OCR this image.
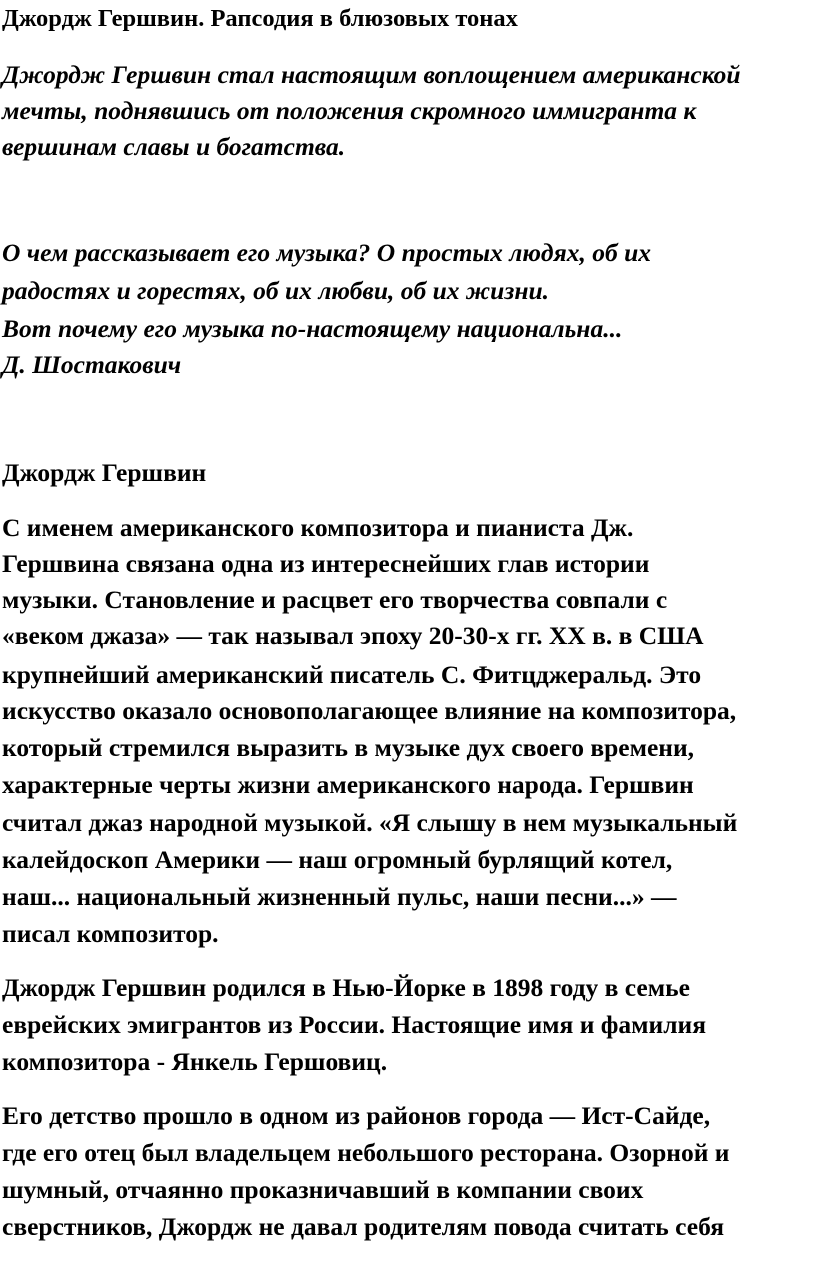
Джордж Гершвин. Рапсодия в блюзовых тонах
Джордж Гершвин стал настоящим воплощением американской
мечты, поднявшись от положения скромного иммигранта к
вершинам славы и богатства.
О чем рассказывает его музыка? О простых людях, об их
радостях и горестях, об их любви, об их жизни.
Вот почему его музыка по-настоящему национальна...
Д. Шостакович
Джордж Гершвин
С именем американского композитора и пианиста Дж.
Гершвина связана одна из интереснейших глав истории
музыки. Становление и расцвет его творчества совпали с
«веком джаза» — так называл эпоху 20-30-х гг. XX в. в США
крупнейший американский писатель С. Фитцджеральд. Это
искусство оказало основополагающее влияние на композитора,
который стремился выразить в музыке дух своего времени,
характерные черты жизни американского народа. Гершвин
считал джаз народной музыкой. «Я слышу в нем музыкальный
калейдоскоп Америки — наш огромный бурлящий котел,
наш... национальный жизненный пульс, наши песни...» —
писал композитор.
Джордж Гершвин родился в Нью-Йорке в 1898 году в семье
еврейских эмигрантов из России. Настоящие имя и фамилия
композитора - Янкель Гершовиц.
Его детство прошло в одном из районов города — Ист-Сайде,
где его отец был владельцем небольшого ресторана. Озорной и
шумный, отчаянно проказничавший в компании своих
сверстников, Джордж не давал родителям повода считать себя
